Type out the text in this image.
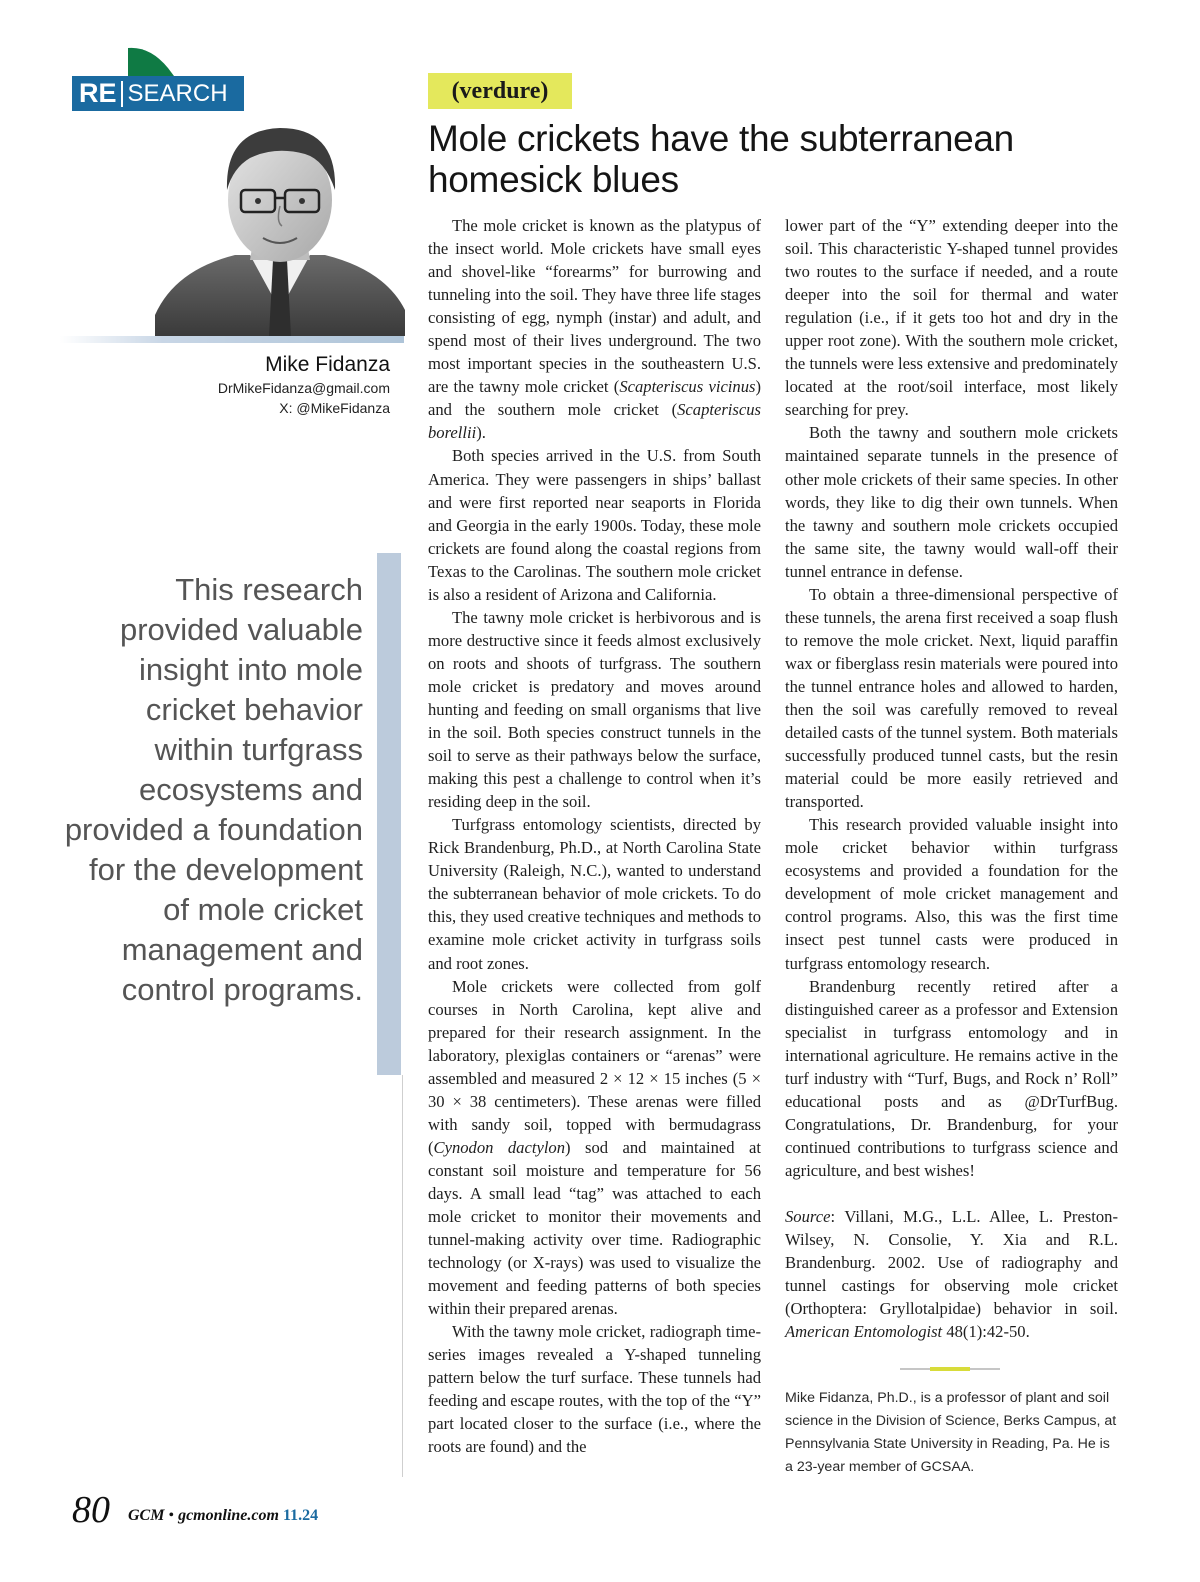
RE SEARCH
Mike Fidanza
DrMikeFidanza@gmail.com
X: @MikeFidanza
This research provided valuable insight into mole cricket behavior within turfgrass ecosystems and provided a foundation for the development of mole cricket management and control programs.
(verdure)
Mole crickets have the subterranean homesick blues

The mole cricket is known as the platypus of the insect world. Mole crickets have small eyes and shovel-like “forearms” for burrowing and tunneling into the soil. They have three life stages consisting of egg, nymph (instar) and adult, and spend most of their lives underground. The two most important species in the southeastern U.S. are the tawny mole cricket (Scapteriscus vicinus) and the southern mole cricket (Scapteriscus borellii).

Both species arrived in the U.S. from South America. They were passengers in ships’ ballast and were first reported near seaports in Florida and Georgia in the early 1900s. Today, these mole crickets are found along the coastal regions from Texas to the Carolinas. The southern mole cricket is also a resident of Arizona and California.

The tawny mole cricket is herbivorous and is more destructive since it feeds almost exclusively on roots and shoots of turfgrass. The southern mole cricket is predatory and moves around hunting and feeding on small organisms that live in the soil. Both species construct tunnels in the soil to serve as their pathways below the surface, making this pest a challenge to control when it’s residing deep in the soil.

Turfgrass entomology scientists, directed by Rick Brandenburg, Ph.D., at North Carolina State University (Raleigh, N.C.), wanted to understand the subterranean behavior of mole crickets. To do this, they used creative techniques and methods to examine mole cricket activity in turfgrass soils and root zones.

Mole crickets were collected from golf courses in North Carolina, kept alive and prepared for their research assignment. In the laboratory, plexiglas containers or “arenas” were assembled and measured 2 × 12 × 15 inches (5 × 30 × 38 centimeters). These arenas were filled with sandy soil, topped with bermudagrass (Cynodon dactylon) sod and maintained at constant soil moisture and temperature for 56 days. A small lead “tag” was attached to each mole cricket to monitor their movements and tunnel-making activity over time. Radiographic technology (or X-rays) was used to visualize the movement and feeding patterns of both species within their prepared arenas.

With the tawny mole cricket, radiograph time-series images revealed a Y-shaped tunneling pattern below the turf surface. These tunnels had feeding and escape routes, with the top of the “Y” part located closer to the surface (i.e., where the roots are found) and the

lower part of the “Y” extending deeper into the soil. This characteristic Y-shaped tunnel provides two routes to the surface if needed, and a route deeper into the soil for thermal and water regulation (i.e., if it gets too hot and dry in the upper root zone). With the southern mole cricket, the tunnels were less extensive and predominately located at the root/soil interface, most likely searching for prey.

Both the tawny and southern mole crickets maintained separate tunnels in the presence of other mole crickets of their same species. In other words, they like to dig their own tunnels. When the tawny and southern mole crickets occupied the same site, the tawny would wall-off their tunnel entrance in defense.

To obtain a three-dimensional perspective of these tunnels, the arena first received a soap flush to remove the mole cricket. Next, liquid paraffin wax or fiberglass resin materials were poured into the tunnel entrance holes and allowed to harden, then the soil was carefully removed to reveal detailed casts of the tunnel system. Both materials successfully produced tunnel casts, but the resin material could be more easily retrieved and transported.

This research provided valuable insight into mole cricket behavior within turfgrass ecosystems and provided a foundation for the development of mole cricket management and control programs. Also, this was the first time insect pest tunnel casts were produced in turfgrass entomology research.

Brandenburg recently retired after a distinguished career as a professor and Extension specialist in turfgrass entomology and in international agriculture. He remains active in the turf industry with “Turf, Bugs, and Rock n’ Roll” educational posts and as @DrTurfBug. Congratulations, Dr. Brandenburg, for your continued contributions to turfgrass science and agriculture, and best wishes!

Source: Villani, M.G., L.L. Allee, L. Preston-Wilsey, N. Consolie, Y. Xia and R.L. Brandenburg. 2002. Use of radiography and tunnel castings for observing mole cricket (Orthoptera: Gryllotalpidae) behavior in soil. American Entomologist 48(1):42-50.

Mike Fidanza, Ph.D., is a professor of plant and soil science in the Division of Science, Berks Campus, at Pennsylvania State University in Reading, Pa. He is a 23-year member of GCSAA.
80 GCM • gcmonline.com 11.24
